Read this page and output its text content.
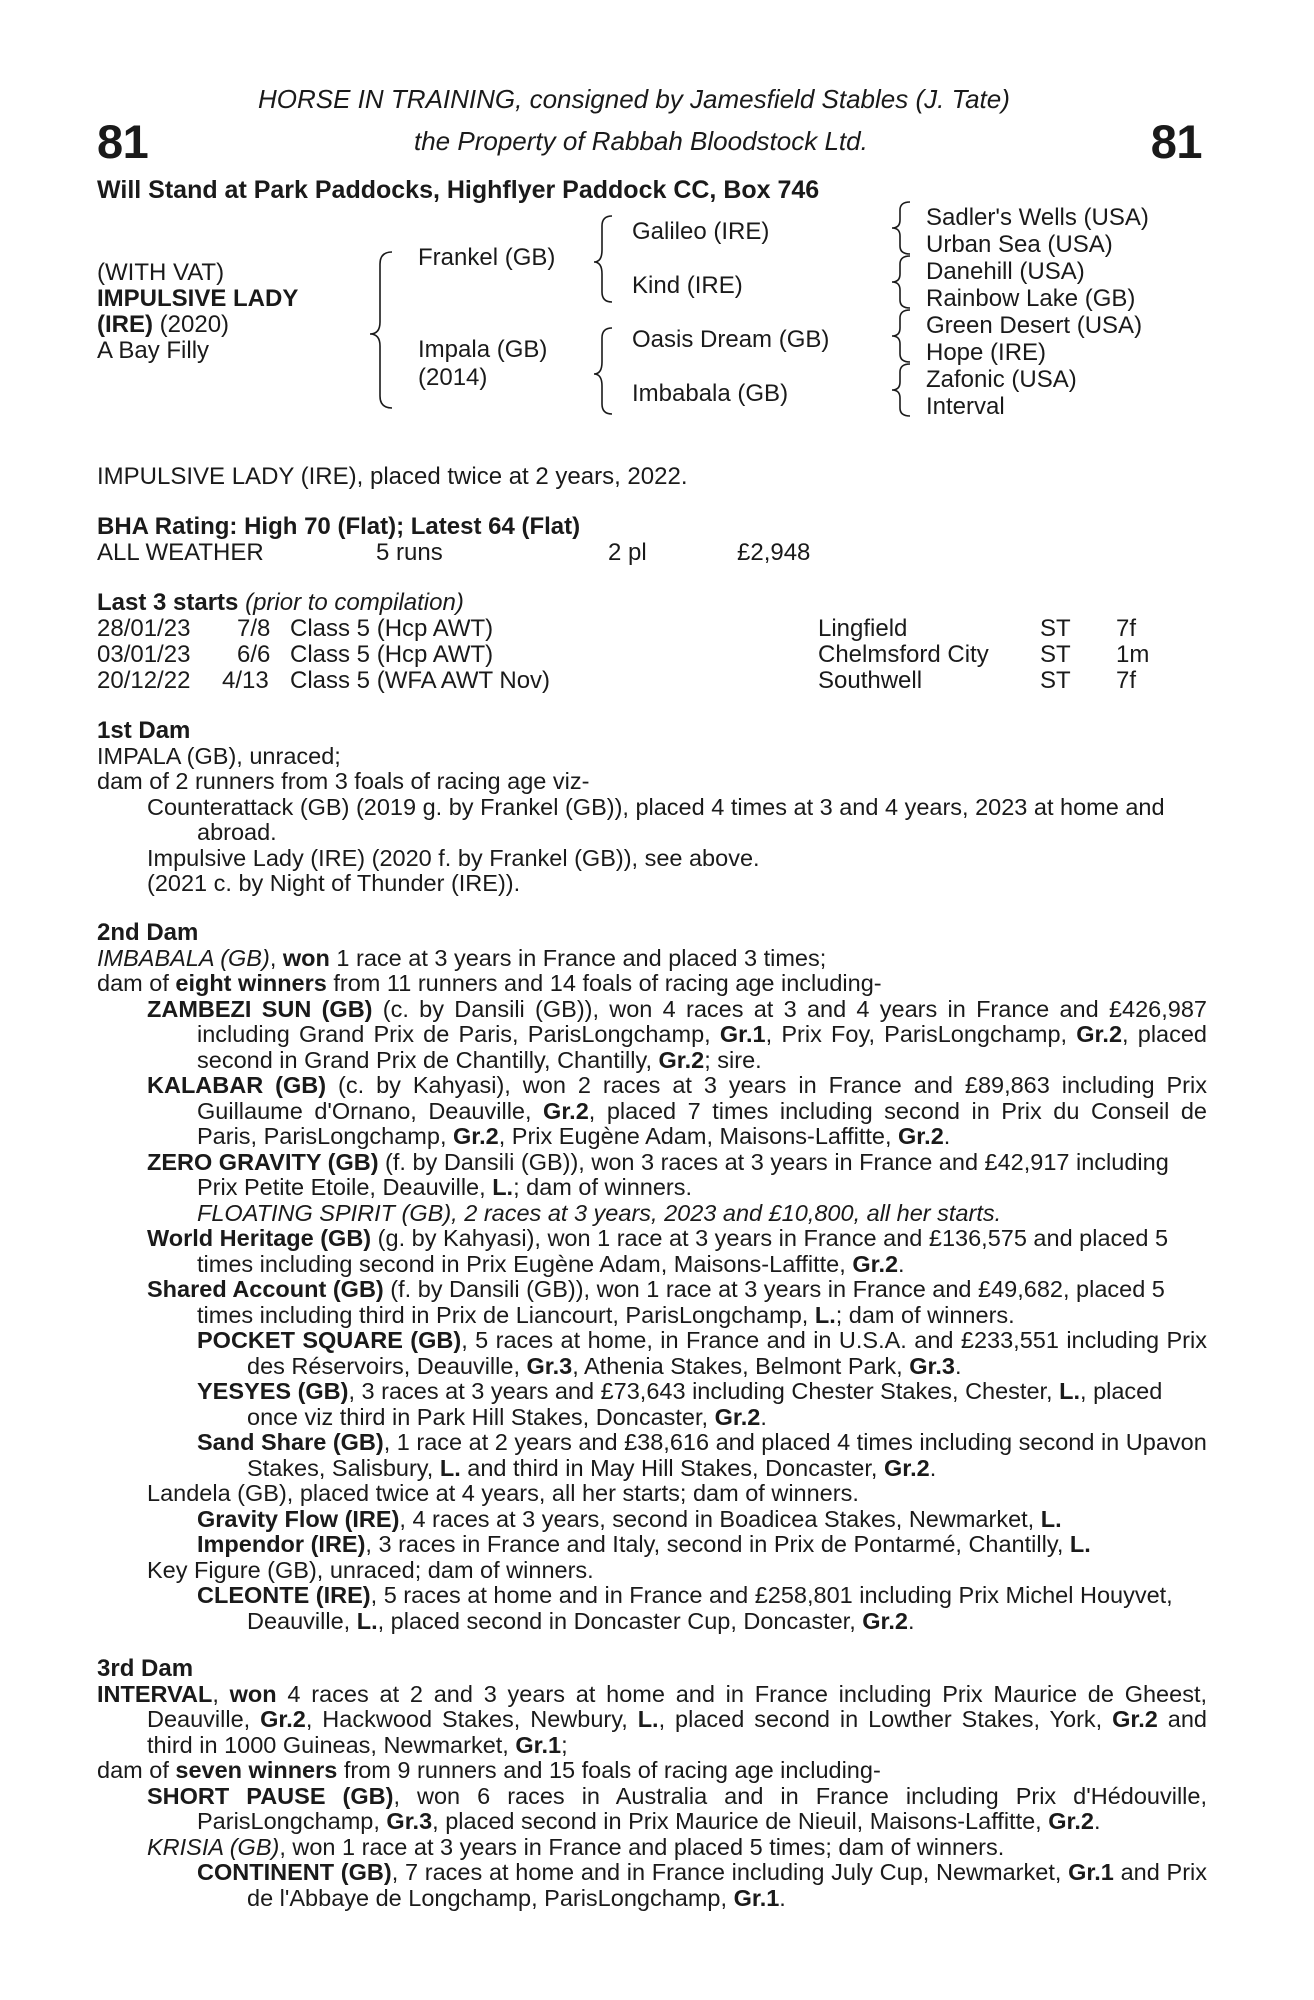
81	81
HORSE IN TRAINING, consigned by Jamesfield Stables (J. Tate)
the Property of Rabbah Bloodstock Ltd.
Will Stand at Park Paddocks, Highflyer Paddock CC, Box 746
(WITH VAT)
IMPULSIVE LADY
(IRE) (2020)
A Bay Filly
Frankel (GB)
Impala (GB)
(2014)
Galileo (IRE)
Kind (IRE)
Oasis Dream (GB)
Imbabala (GB)
Sadler's Wells (USA)
Urban Sea (USA)
Danehill (USA)
Rainbow Lake (GB)
Green Desert (USA)
Hope (IRE)
Zafonic (USA)
Interval
IMPULSIVE LADY (IRE), placed twice at 2 years, 2022.
BHA Rating: High 70 (Flat); Latest 64 (Flat)
ALL WEATHER	5 runs	2 pl	£2,948
Last 3 starts (prior to compilation)
28/01/23 7/8 Class 5 (Hcp AWT)	Lingfield	ST 7f
03/01/23 6/6 Class 5 (Hcp AWT)	Chelmsford City ST 1m
20/12/22 4/13 Class 5 (WFA AWT Nov)	Southwell	ST 7f
1st Dam
IMPALA (GB), unraced;
dam of 2 runners from 3 foals of racing age viz-
Counterattack (GB) (2019 g. by Frankel (GB)), placed 4 times at 3 and 4 years, 2023 at home and abroad.
Impulsive Lady (IRE) (2020 f. by Frankel (GB)), see above.
(2021 c. by Night of Thunder (IRE)).
2nd Dam
IMBABALA (GB), won 1 race at 3 years in France and placed 3 times;
dam of eight winners from 11 runners and 14 foals of racing age including-
ZAMBEZI SUN (GB) (c. by Dansili (GB)), won 4 races at 3 and 4 years in France and £426,987 including Grand Prix de Paris, ParisLongchamp, Gr.1, Prix Foy, ParisLongchamp, Gr.2, placed second in Grand Prix de Chantilly, Chantilly, Gr.2; sire.
KALABAR (GB) (c. by Kahyasi), won 2 races at 3 years in France and £89,863 including Prix Guillaume d'Ornano, Deauville, Gr.2, placed 7 times including second in Prix du Conseil de Paris, ParisLongchamp, Gr.2, Prix Eugène Adam, Maisons-Laffitte, Gr.2.
ZERO GRAVITY (GB) (f. by Dansili (GB)), won 3 races at 3 years in France and £42,917 including Prix Petite Etoile, Deauville, L.; dam of winners.
FLOATING SPIRIT (GB), 2 races at 3 years, 2023 and £10,800, all her starts.
World Heritage (GB) (g. by Kahyasi), won 1 race at 3 years in France and £136,575 and placed 5 times including second in Prix Eugène Adam, Maisons-Laffitte, Gr.2.
Shared Account (GB) (f. by Dansili (GB)), won 1 race at 3 years in France and £49,682, placed 5 times including third in Prix de Liancourt, ParisLongchamp, L.; dam of winners.
POCKET SQUARE (GB), 5 races at home, in France and in U.S.A. and £233,551 including Prix des Réservoirs, Deauville, Gr.3, Athenia Stakes, Belmont Park, Gr.3.
YESYES (GB), 3 races at 3 years and £73,643 including Chester Stakes, Chester, L., placed once viz third in Park Hill Stakes, Doncaster, Gr.2.
Sand Share (GB), 1 race at 2 years and £38,616 and placed 4 times including second in Upavon Stakes, Salisbury, L. and third in May Hill Stakes, Doncaster, Gr.2.
Landela (GB), placed twice at 4 years, all her starts; dam of winners.
Gravity Flow (IRE), 4 races at 3 years, second in Boadicea Stakes, Newmarket, L.
Impendor (IRE), 3 races in France and Italy, second in Prix de Pontarmé, Chantilly, L.
Key Figure (GB), unraced; dam of winners.
CLEONTE (IRE), 5 races at home and in France and £258,801 including Prix Michel Houyvet, Deauville, L., placed second in Doncaster Cup, Doncaster, Gr.2.
3rd Dam
INTERVAL, won 4 races at 2 and 3 years at home and in France including Prix Maurice de Gheest, Deauville, Gr.2, Hackwood Stakes, Newbury, L., placed second in Lowther Stakes, York, Gr.2 and third in 1000 Guineas, Newmarket, Gr.1;
dam of seven winners from 9 runners and 15 foals of racing age including-
SHORT PAUSE (GB), won 6 races in Australia and in France including Prix d'Hédouville, ParisLongchamp, Gr.3, placed second in Prix Maurice de Nieuil, Maisons-Laffitte, Gr.2.
KRISIA (GB), won 1 race at 3 years in France and placed 5 times; dam of winners.
CONTINENT (GB), 7 races at home and in France including July Cup, Newmarket, Gr.1 and Prix de l'Abbaye de Longchamp, ParisLongchamp, Gr.1.
